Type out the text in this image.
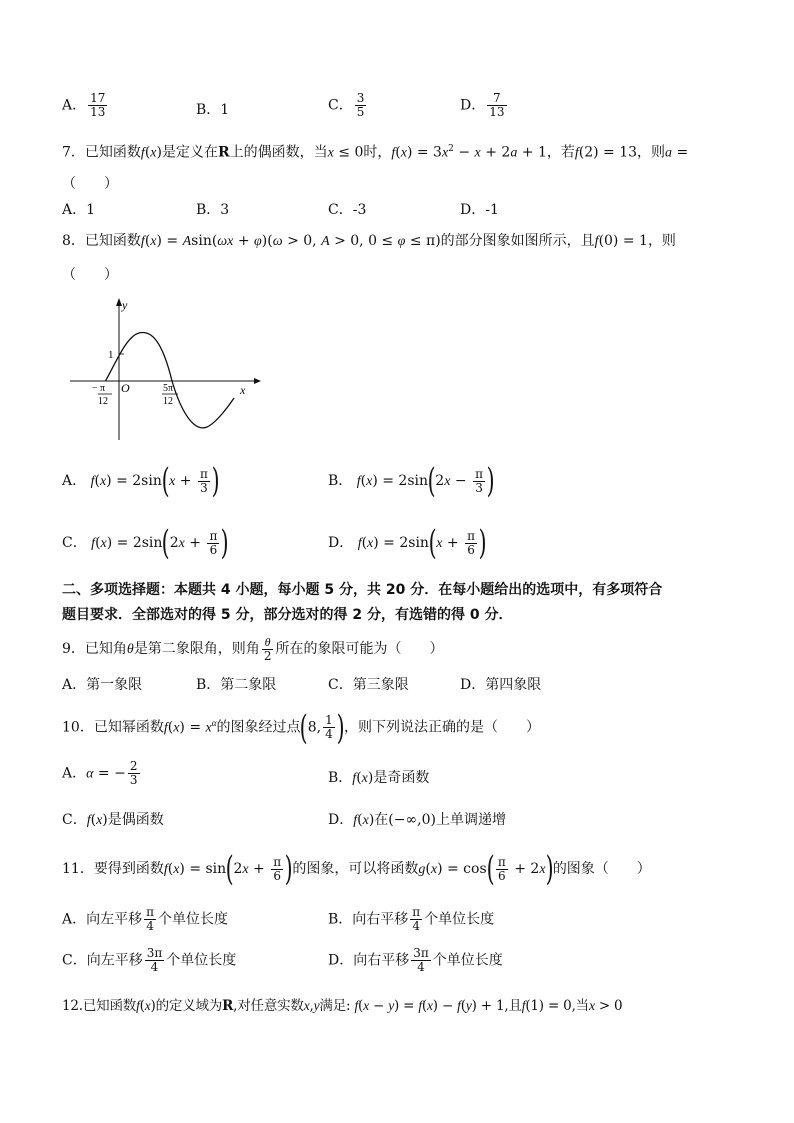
A． $\frac{17}{13}$	B．1	C． $\frac{3}{5}$	D． $\frac{7}{13}$
7．已知函数f(x)是定义在R上的偶函数，当x ≤ 0时，$f(x) = 3x^2 - x + 2a + 1$，若f(2) = 13，则a =
（　　）
A．1	B．3	C．-3	D．-1
8．已知函数f(x) = Asin(ωx + φ)(ω > 0, A > 0, 0 ≤ φ ≤ π)的部分图象如图所示，且f(0) = 1，则
（　　）
y
x
O
1
− π
12
5π
12
A． $f(x) = 2\sin(x + \frac{\pi}{3}$ )	B． $f(x) = 2\sin(2x - \frac{\pi}{3}$ )
C． $f(x) = 2\sin(2x + \frac{\pi}{6}$ )	D． $f(x) = 2\sin(x + \frac{\pi}{6}$ )
二、多项选择题：本题共 4 小题，每小题 5 分，共 20 分．在每小题给出的选项中，有多项符合
题目要求．全部选对的得 5 分，部分选对的得 2 分，有选错的得 0 分．
9．已知角θ是第二象限角，则角 $\frac{\theta}{2}$ 所在的象限可能为（　　）
A．第一象限	B．第二象限	C．第三象限	D．第四象限
10．已知幂函数$f(x) = x^\alpha$的图象经过点(8, $\frac{1}{4}$ )，则下列说法正确的是（　　）
A．α = − $\frac{2}{3}$	B．f(x)是奇函数
C．f(x)是偶函数	D．f(x)在(−∞,0)上单调递增
11．要得到函数$f(x) = \sin(2x + \frac{\pi}{6}$ )的图象，可以将函数$g(x) = \cos( \frac{\pi}{6} + 2x)$的图象（　　）
A．向左平移 $\frac{\pi}{4}$ 个单位长度	B．向右平移 $\frac{\pi}{4}$ 个单位长度
C．向左平移 $\frac{3\pi}{4}$ 个单位长度	D．向右平移 $\frac{3\pi}{4}$ 个单位长度
12.已知函数f(x)的定义域为R,对任意实数x,y满足: f(x − y) = f(x) − f(y) + 1,且f(1) = 0,当x > 0
